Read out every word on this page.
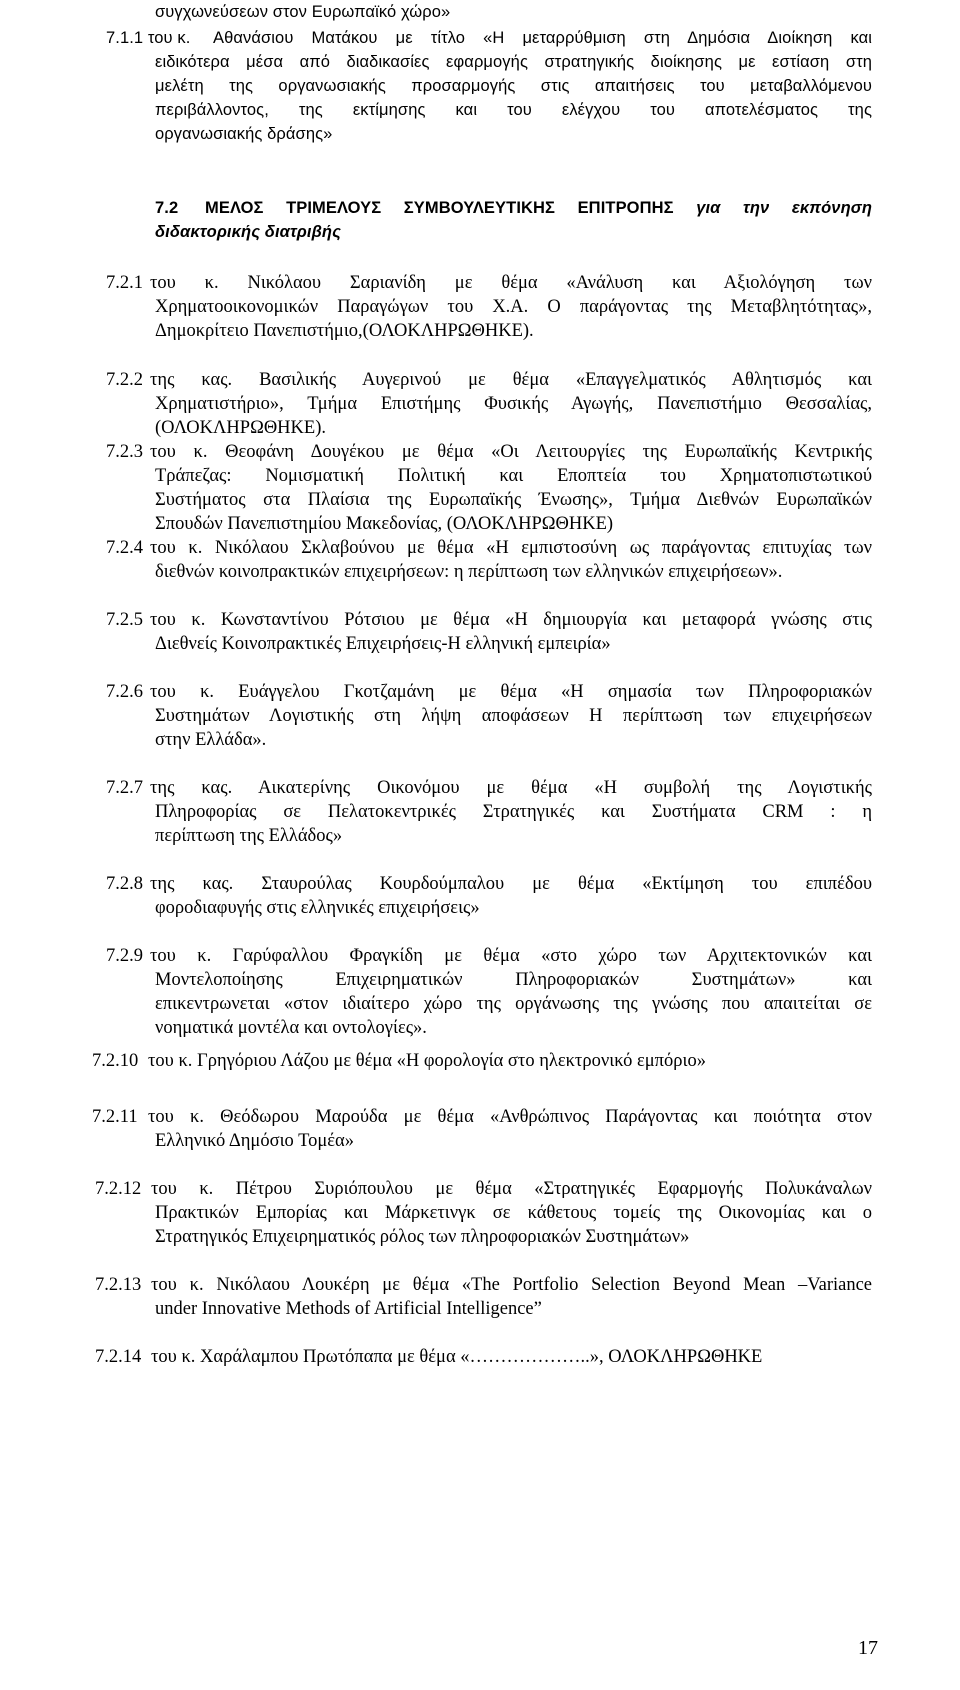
συγχωνεύσεων στον Ευρωπαϊκό χώρο»
7.1.1 του κ. Αθανάσιου Ματάκου με τίτλο «Η μεταρρύθμιση στη Δημόσια Διοίκηση και
ειδικότερα μέσα από διαδικασίες εφαρμογής στρατηγικής διοίκησης με εστίαση στη
μελέτη της οργανωσιακής προσαρμογής στις απαιτήσεις του μεταβαλλόμενου
περιβάλλοντος, της εκτίμησης και του ελέγχου του αποτελέσματος της
οργανωσιακής δράσης»
7.2 ΜΕΛΟΣ ΤΡΙΜΕΛΟΥΣ ΣΥΜΒΟΥΛΕΥΤΙΚΗΣ ΕΠΙΤΡΟΠΗΣ για την εκπόνηση
διδακτορικής διατριβής
7.2.1 του κ. Νικόλαου Σαριανίδη με θέμα «Ανάλυση και Αξιολόγηση των
Χρηματοοικονομικών Παραγώγων του Χ.Α. Ο παράγοντας της Μεταβλητότητας»,
Δημοκρίτειο Πανεπιστήμιο,(ΟΛΟΚΛΗΡΩΘΗΚΕ).
7.2.2 της κας. Βασιλικής Αυγερινού με θέμα «Επαγγελματικός Αθλητισμός και
Χρηματιστήριο», Τμήμα Επιστήμης Φυσικής Αγωγής, Πανεπιστήμιο Θεσσαλίας,
(ΟΛΟΚΛΗΡΩΘΗΚΕ).
7.2.3 του κ. Θεοφάνη Δουγέκου με θέμα «Οι Λειτουργίες της Ευρωπαϊκής Κεντρικής
Τράπεζας: Νομισματική Πολιτική και Εποπτεία του Χρηματοπιστωτικού
Συστήματος στα Πλαίσια της Ευρωπαϊκής Ένωσης», Τμήμα Διεθνών Ευρωπαϊκών
Σπουδών Πανεπιστημίου Μακεδονίας, (ΟΛΟΚΛΗΡΩΘΗΚΕ)
7.2.4 του κ. Νικόλαου Σκλαβούνου με θέμα «Η εμπιστοσύνη ως παράγοντας επιτυχίας των
διεθνών κοινοπρακτικών επιχειρήσεων: η περίπτωση των ελληνικών επιχειρήσεων».
7.2.5 του κ. Κωνσταντίνου Ρότσιου με θέμα «Η δημιουργία και μεταφορά γνώσης στις
Διεθνείς Κοινοπρακτικές Επιχειρήσεις-Η ελληνική εμπειρία»
7.2.6 του κ. Ευάγγελου Γκοτζαμάνη με θέμα «Η σημασία των Πληροφοριακών
Συστημάτων Λογιστικής στη λήψη αποφάσεων Η περίπτωση των επιχειρήσεων
στην Ελλάδα».
7.2.7 της κας. Αικατερίνης Οικονόμου με θέμα «Η συμβολή της Λογιστικής
Πληροφορίας σε Πελατοκεντρικές Στρατηγικές και Συστήματα CRM : η
περίπτωση της Ελλάδος»
7.2.8 της κας. Σταυρούλας Κουρδούμπαλου με θέμα «Εκτίμηση του επιπέδου
φοροδιαφυγής στις ελληνικές επιχειρήσεις»
7.2.9 του κ. Γαρύφαλλου Φραγκίδη με θέμα «στο χώρο των Αρχιτεκτονικών και
Μοντελοποίησης Επιχειρηματικών Πληροφοριακών Συστημάτων» και
επικεντρωνεται «στον ιδιαίτερο χώρο της οργάνωσης της γνώσης που απαιτείται σε
νοηματικά μοντέλα και οντολογίες».
7.2.10 του κ. Γρηγόριου Λάζου με θέμα «Η φορολογία στο ηλεκτρονικό εμπόριο»
7.2.11 του κ. Θεόδωρου Μαρούδα με θέμα «Ανθρώπινος Παράγοντας και ποιότητα στον
Ελληνικό Δημόσιο Τομέα»
7.2.12 του κ. Πέτρου Συριόπουλου με θέμα «Στρατηγικές Εφαρμογής Πολυκάναλων
Πρακτικών Εμπορίας και Μάρκετινγκ σε κάθετους τομείς της Οικονομίας και ο
Στρατηγικός Επιχειρηματικός ρόλος των πληροφοριακών Συστημάτων»
7.2.13 του κ. Νικόλαου Λουκέρη με θέμα «The Portfolio Selection Beyond Mean –Variance
under Innovative Methods of Artificial Intelligence”
7.2.14 του κ. Χαράλαμπου Πρωτόπαπα με θέμα «………………..», ΟΛΟΚΛΗΡΩΘΗΚΕ
17
